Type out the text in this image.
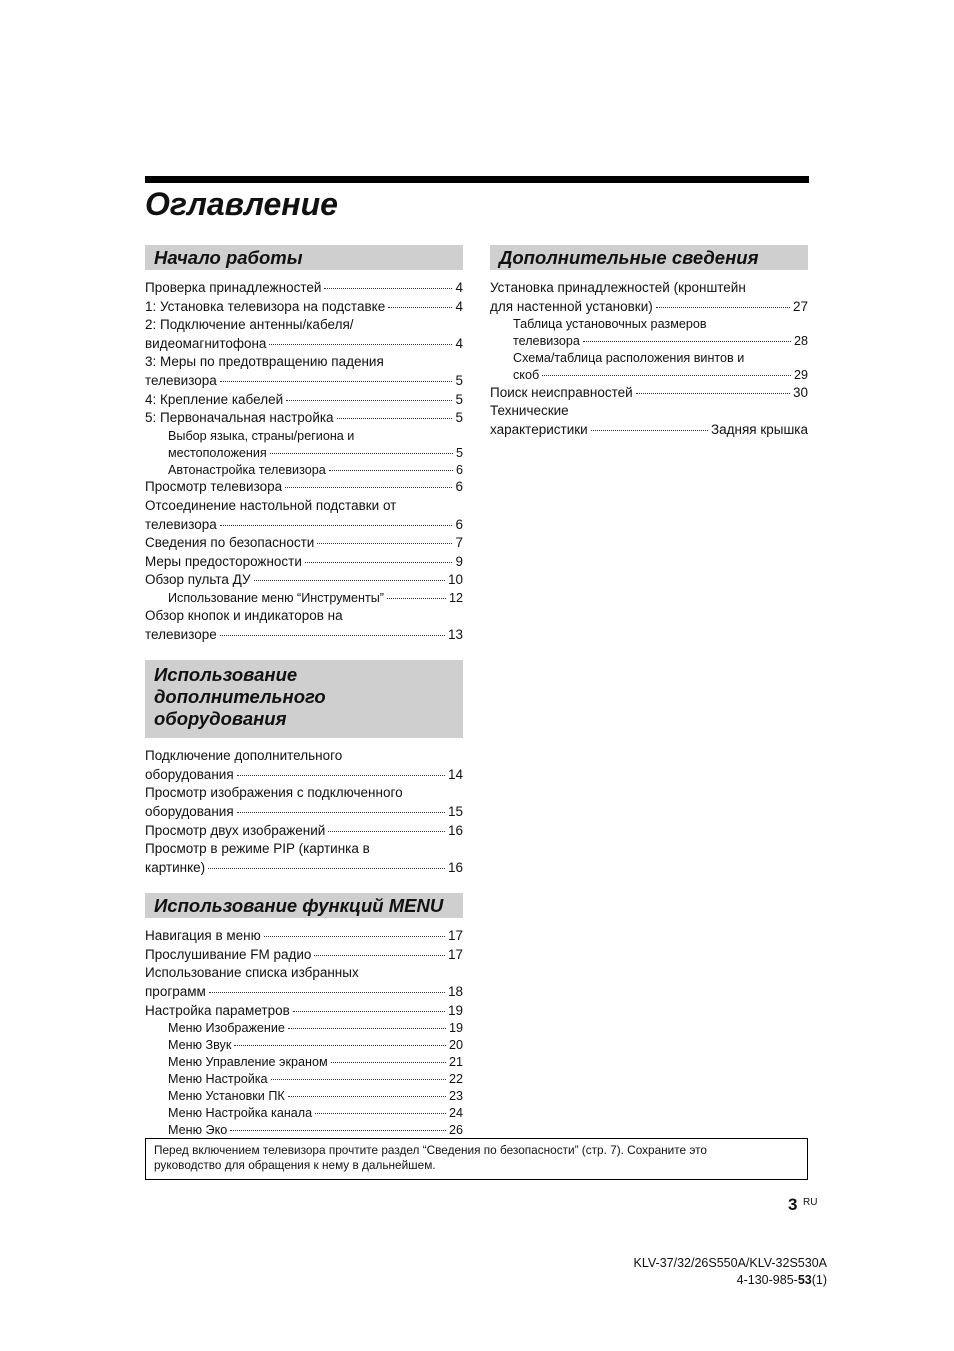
Оглавление
Начало работы
Проверка принадлежностей	4
1: Установка телевизора на подставке	4
2: Подключение антенны/кабеля/
видеомагнитофона	4
3: Меры по предотвращению падения
телевизора	5
4: Крепление кабелей	5
5: Первоначальная настройка	5
Выбор языка, страны/региона и
местоположения	5
Автонастройка телевизора	6
Просмотр телевизора	6
Отсоединение настольной подставки от
телевизора	6
Сведения по безопасности	7
Меры предосторожности	9
Обзор пульта ДУ	10
Использование меню “Инструменты”	12
Обзор кнопок и индикаторов на
телевизоре	13
Использование
дополнительного
оборудования
Подключение дополнительного
оборудования	14
Просмотр изображения с подключенного
оборудования	15
Просмотр двух изображений	16
Просмотр в режиме PIP (картинка в
картинке)	16
Использование функций MENU
Навигация в меню	17
Прослушивание FM радио	17
Использование списка избранных
программ	18
Настройка параметров	19
Меню Изображение	19
Меню Звук	20
Меню Управление экраном	21
Меню Настройка	22
Меню Установки ПК	23
Меню Настройка канала	24
Меню Эко	26
Дополнительные сведения
Установка принадлежностей (кронштейн
для настенной установки)	27
Таблица установочных размеров
телевизора	28
Схема/таблица расположения винтов и
скоб	29
Поиск неисправностей	30
Технические
характеристики	Задняя крышка
Перед включением телевизора прочтите раздел “Сведения по безопасности” (стр. 7). Сохраните это
руководство для обращения к нему в дальнейшем.
3 RU
KLV-37/32/26S550A/KLV-32S530A
4-130-985-53(1)
